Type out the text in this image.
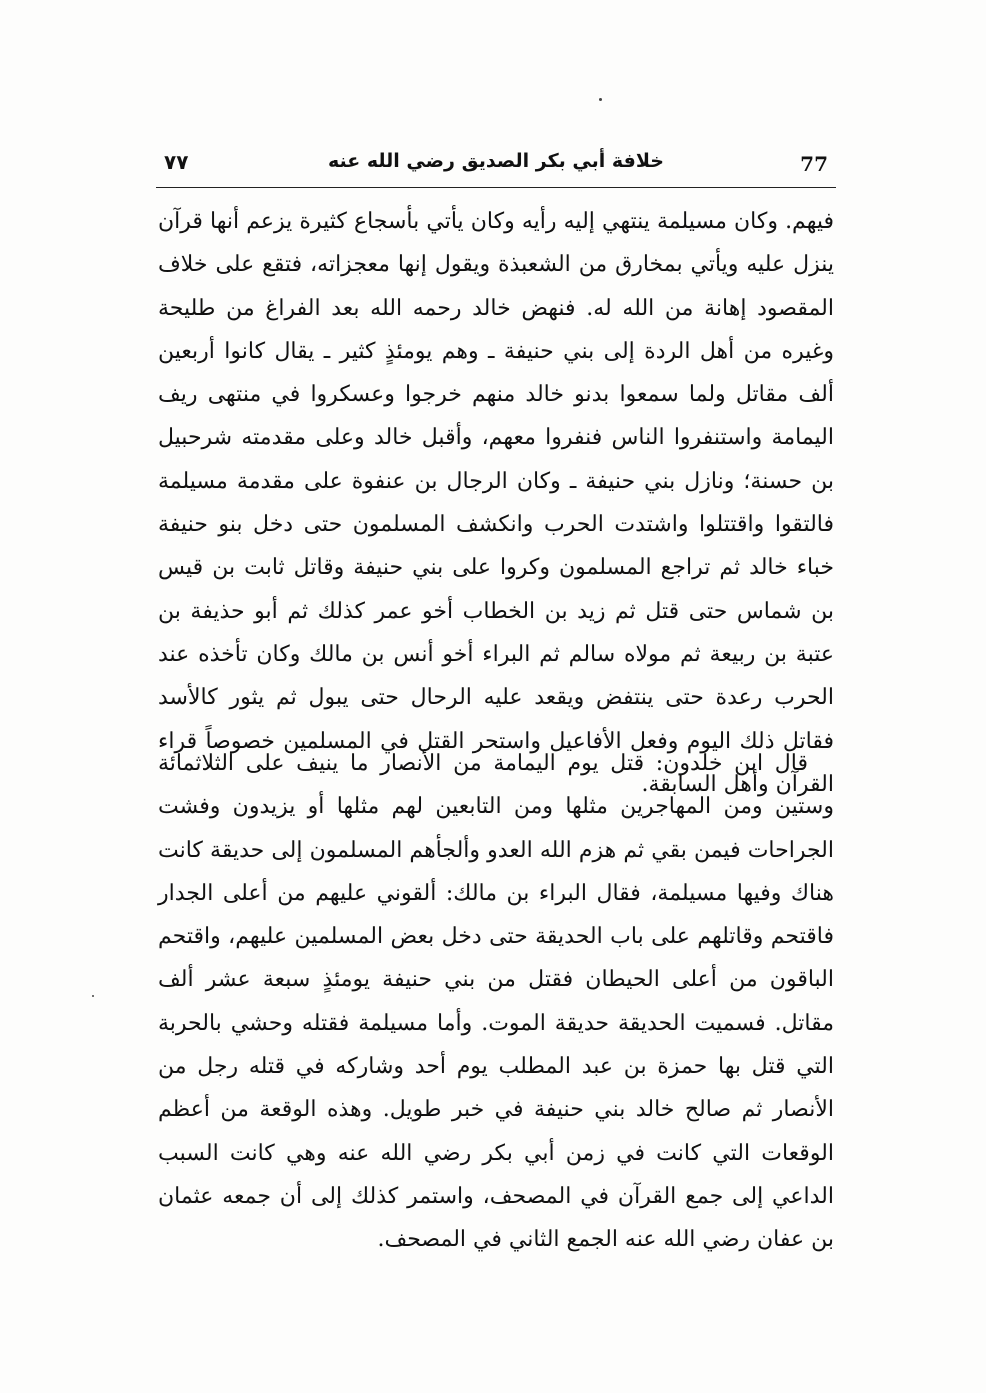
٧٧	خلافة أبي بكر الصديق رضي الله عنه	77

فيهم. وكان مسيلمة ينتهي إليه رأيه وكان يأتي بأسجاع كثيرة يزعم أنها قرآن ينزل عليه ويأتي بمخارق من الشعبذة ويقول إنها معجزاته، فتقع على خلاف المقصود إهانة من الله له. فنهض خالد رحمه الله بعد الفراغ من طليحة وغيره من أهل الردة إلى بني حنيفة ـ وهم يومئذٍ كثير ـ يقال كانوا أربعين ألف مقاتل ولما سمعوا بدنو خالد منهم خرجوا وعسكروا في منتهى ريف اليمامة واستنفروا الناس فنفروا معهم، وأقبل خالد وعلى مقدمته شرحبيل بن حسنة؛ ونازل بني حنيفة ـ وكان الرجال بن عنفوة على مقدمة مسيلمة فالتقوا واقتتلوا واشتدت الحرب وانكشف المسلمون حتى دخل بنو حنيفة خباء خالد ثم تراجع المسلمون وكروا على بني حنيفة وقاتل ثابت بن قيس بن شماس حتى قتل ثم زيد بن الخطاب أخو عمر كذلك ثم أبو حذيفة بن عتبة بن ربيعة ثم مولاه سالم ثم البراء أخو أنس بن مالك وكان تأخذه عند الحرب رعدة حتى ينتفض ويقعد عليه الرحال حتى يبول ثم يثور كالأسد فقاتل ذلك اليوم وفعل الأفاعيل واستحر القتل في المسلمين خصوصاً قراء القرآن وأهل السابقة.

قال ابن خلدون: قتل يوم اليمامة من الأنصار ما ينيف على الثلاثمائة وستين ومن المهاجرين مثلها ومن التابعين لهم مثلها أو يزيدون وفشت الجراحات فيمن بقي ثم هزم الله العدو وألجأهم المسلمون إلى حديقة كانت هناك وفيها مسيلمة، فقال البراء بن مالك: ألقوني عليهم من أعلى الجدار فاقتحم وقاتلهم على باب الحديقة حتى دخل بعض المسلمين عليهم، واقتحم الباقون من أعلى الحيطان فقتل من بني حنيفة يومئذٍ سبعة عشر ألف مقاتل. فسميت الحديقة حديقة الموت. وأما مسيلمة فقتله وحشي بالحربة التي قتل بها حمزة بن عبد المطلب يوم أحد وشاركه في قتله رجل من الأنصار ثم صالح خالد بني حنيفة في خبر طويل. وهذه الوقعة من أعظم الوقعات التي كانت في زمن أبي بكر رضي الله عنه وهي كانت السبب الداعي إلى جمع القرآن في المصحف، واستمر كذلك إلى أن جمعه عثمان بن عفان رضي الله عنه الجمع الثاني في المصحف.
